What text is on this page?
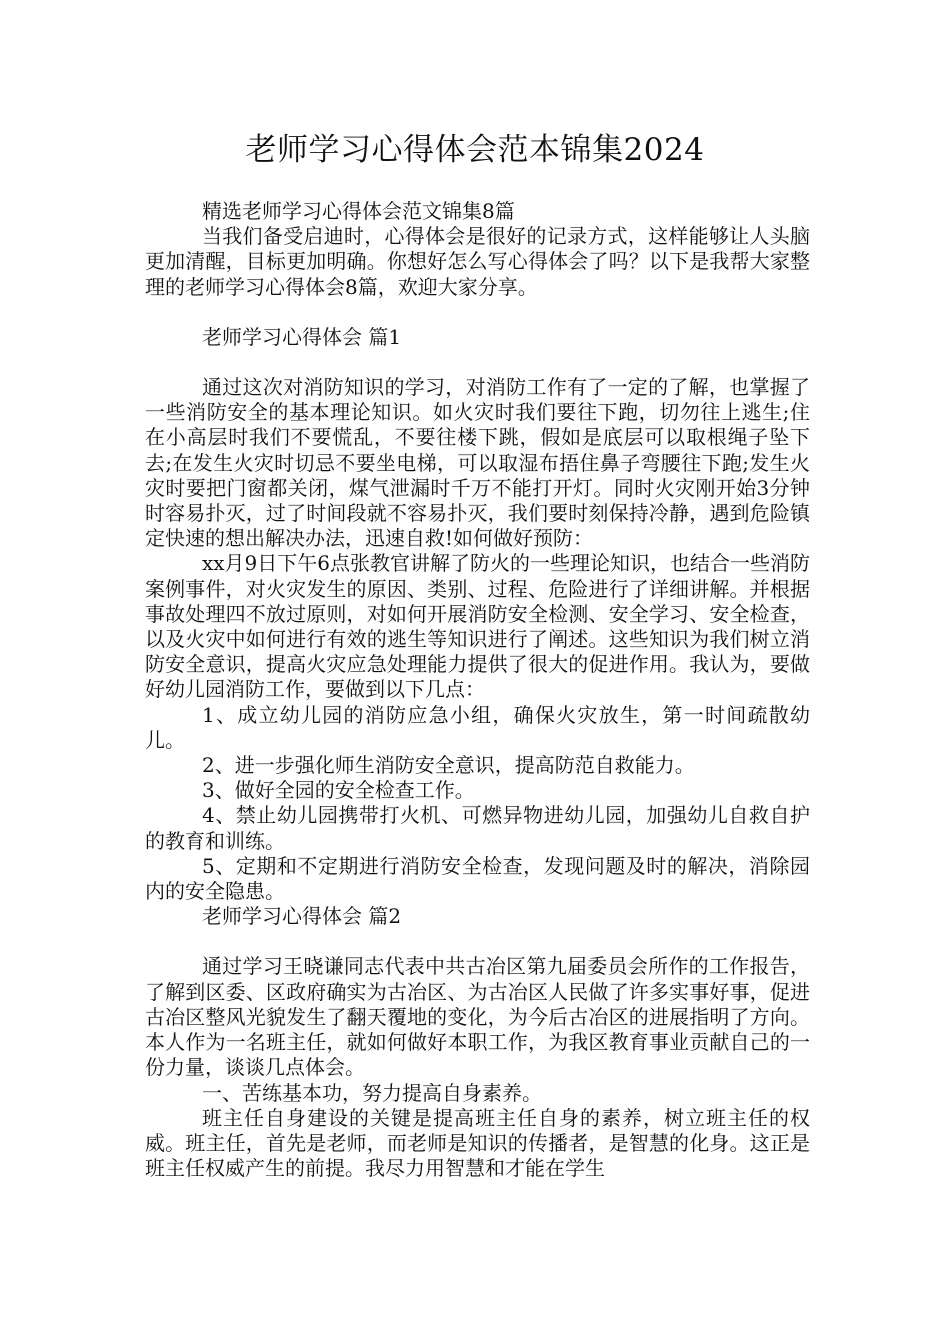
老师学习心得体会范本锦集2024

精选老师学习心得体会范文锦集8篇

当我们备受启迪时，心得体会是很好的记录方式，这样能够让人头脑更加清醒，目标更加明确。你想好怎么写心得体会了吗？以下是我帮大家整理的老师学习心得体会8篇，欢迎大家分享。

老师学习心得体会 篇1

通过这次对消防知识的学习，对消防工作有了一定的了解，也掌握了一些消防安全的基本理论知识。如火灾时我们要往下跑，切勿往上逃生;住在小高层时我们不要慌乱，不要往楼下跳，假如是底层可以取根绳子坠下去;在发生火灾时切忌不要坐电梯，可以取湿布捂住鼻子弯腰往下跑;发生火灾时要把门窗都关闭，煤气泄漏时千万不能打开灯。同时火灾刚开始3分钟时容易扑灭，过了时间段就不容易扑灭，我们要时刻保持冷静，遇到危险镇定快速的想出解决办法，迅速自救!如何做好预防：

xx月9日下午6点张教官讲解了防火的一些理论知识，也结合一些消防案例事件，对火灾发生的原因、类别、过程、危险进行了详细讲解。并根据事故处理四不放过原则，对如何开展消防安全检测、安全学习、安全检查，以及火灾中如何进行有效的逃生等知识进行了阐述。这些知识为我们树立消防安全意识，提高火灾应急处理能力提供了很大的促进作用。我认为，要做好幼儿园消防工作，要做到以下几点：

1、成立幼儿园的消防应急小组，确保火灾放生，第一时间疏散幼儿。

2、进一步强化师生消防安全意识，提高防范自救能力。

3、做好全园的安全检查工作。

4、禁止幼儿园携带打火机、可燃异物进幼儿园，加强幼儿自救自护的教育和训练。

5、定期和不定期进行消防安全检查，发现问题及时的解决，消除园内的安全隐患。

老师学习心得体会 篇2

通过学习王晓谦同志代表中共古冶区第九届委员会所作的工作报告，了解到区委、区政府确实为古冶区、为古冶区人民做了许多实事好事，促进古冶区整风光貌发生了翻天覆地的变化，为今后古冶区的进展指明了方向。本人作为一名班主任，就如何做好本职工作，为我区教育事业贡献自己的一份力量，谈谈几点体会。

一、苦练基本功，努力提高自身素养。

班主任自身建设的关键是提高班主任自身的素养，树立班主任的权威。班主任，首先是老师，而老师是知识的传播者，是智慧的化身。这正是班主任权威产生的前提。我尽力用智慧和才能在学生
